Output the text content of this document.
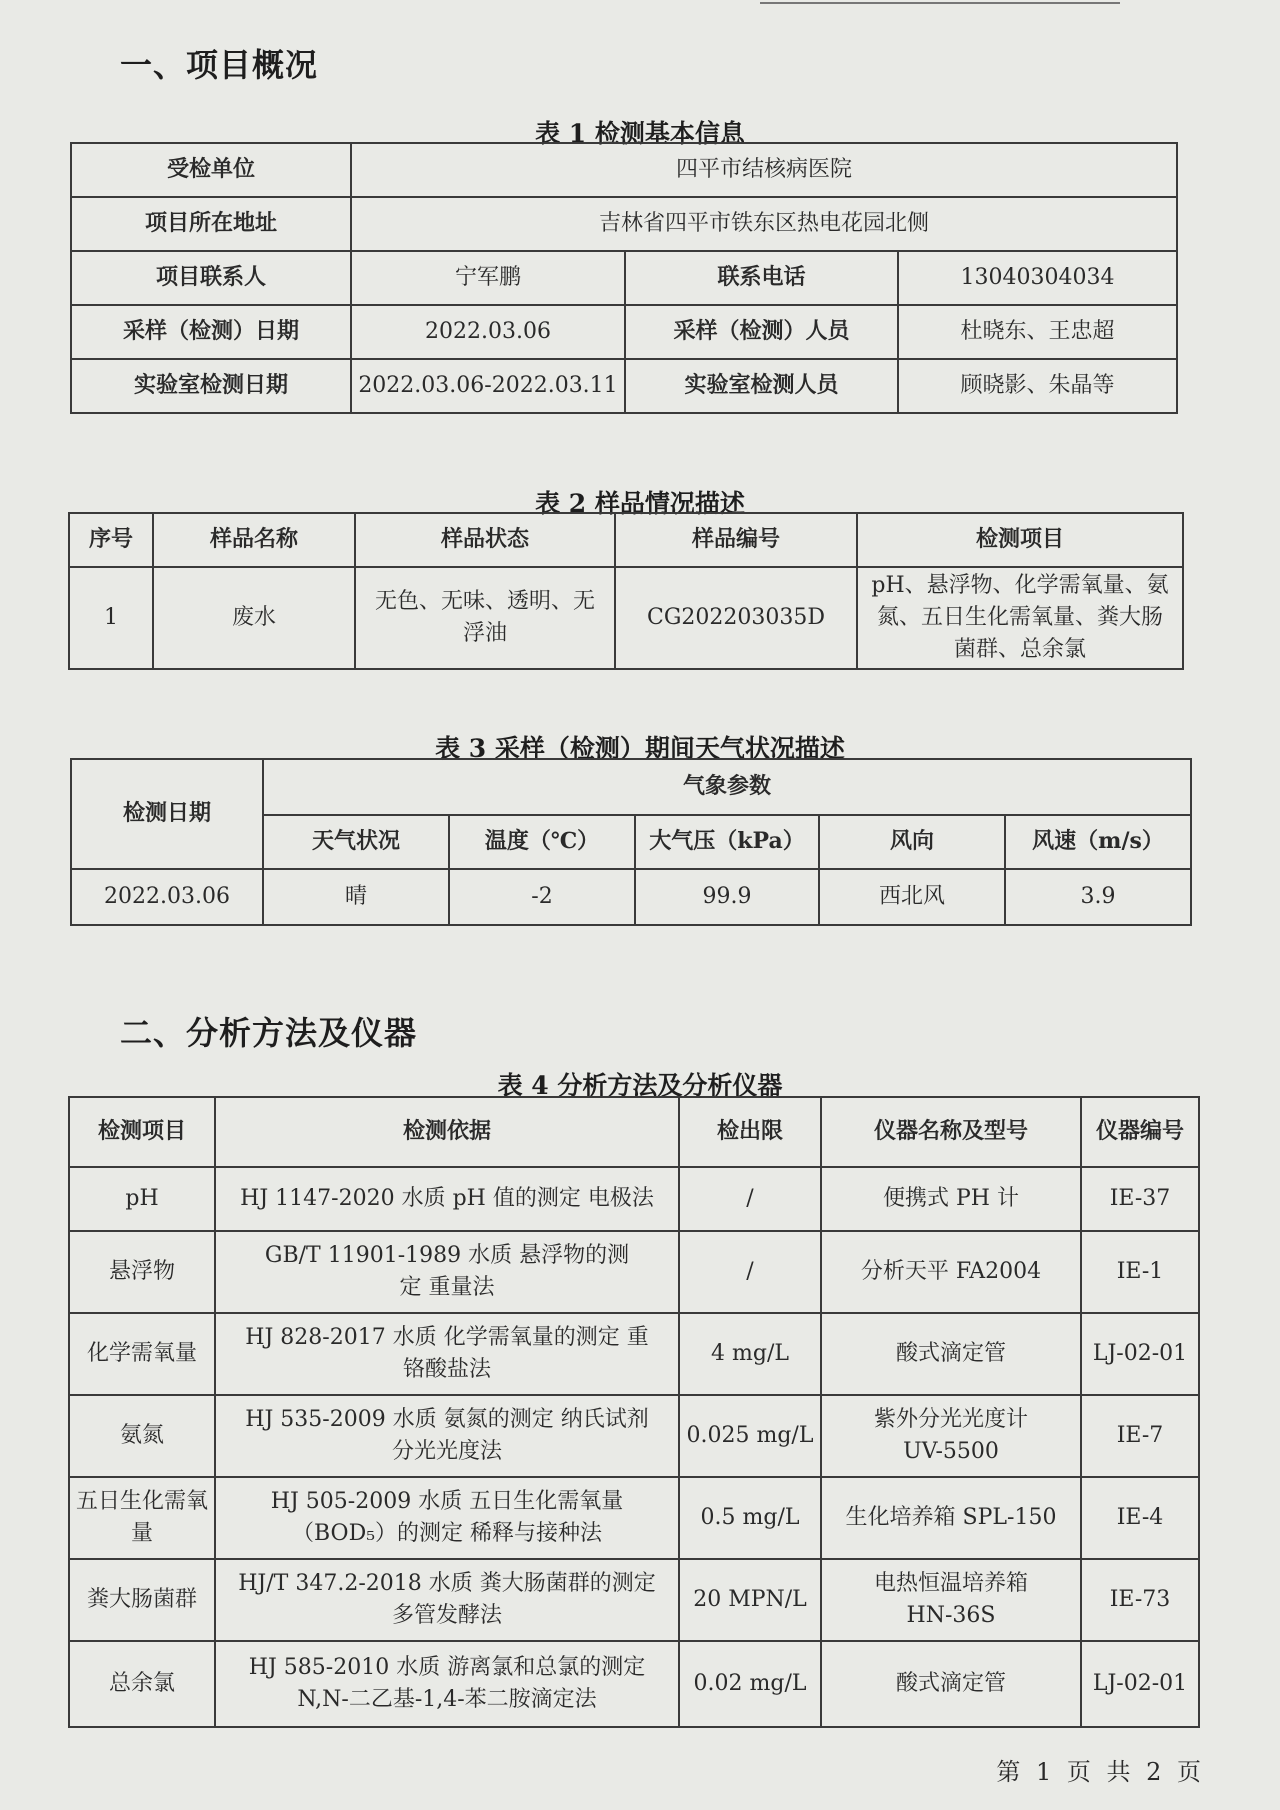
一、项目概况
表 1 检测基本信息
受检单位	四平市结核病医院		
项目所在地址	吉林省四平市铁东区热电花园北侧		
项目联系人	宁军鹏	联系电话	13040304034
采样（检测）日期	2022.03.06	采样（检测）人员	杜晓东、王忠超
实验室检测日期	2022.03.06-2022.03.11	实验室检测人员	顾晓影、朱晶等
表 2 样品情况描述
序号	样品名称	样品状态	样品编号	检测项目
1	废水	无色、无味、透明、无浮油	CG202203035D	pH、悬浮物、化学需氧量、氨氮、五日生化需氧量、粪大肠菌群、总余氯
表 3 采样（检测）期间天气状况描述
检测日期	气象参数				
	天气状况	温度（℃）	大气压（kPa）	风向	风速（m/s）
2022.03.06	晴	-2	99.9	西北风	3.9
二、分析方法及仪器
表 4 分析方法及分析仪器
检测项目	检测依据	检出限	仪器名称及型号	仪器编号
pH	HJ 1147-2020 水质 pH 值的测定 电极法	/	便携式 PH 计	IE-37
悬浮物	GB/T 11901-1989 水质 悬浮物的测定 重量法	/	分析天平 FA2004	IE-1
化学需氧量	HJ 828-2017 水质 化学需氧量的测定 重铬酸盐法	4 mg/L	酸式滴定管	LJ-02-01
氨氮	HJ 535-2009 水质 氨氮的测定 纳氏试剂分光光度法	0.025 mg/L	紫外分光光度计 UV-5500	IE-7
五日生化需氧量	HJ 505-2009 水质 五日生化需氧量（BOD₅）的测定 稀释与接种法	0.5 mg/L	生化培养箱 SPL-150	IE-4
粪大肠菌群	HJ/T 347.2-2018 水质 粪大肠菌群的测定 多管发酵法	20 MPN/L	电热恒温培养箱 HN-36S	IE-73
总余氯	HJ 585-2010 水质 游离氯和总氯的测定 N,N-二乙基-1,4-苯二胺滴定法	0.02 mg/L	酸式滴定管	LJ-02-01
第 1 页 共 2 页
